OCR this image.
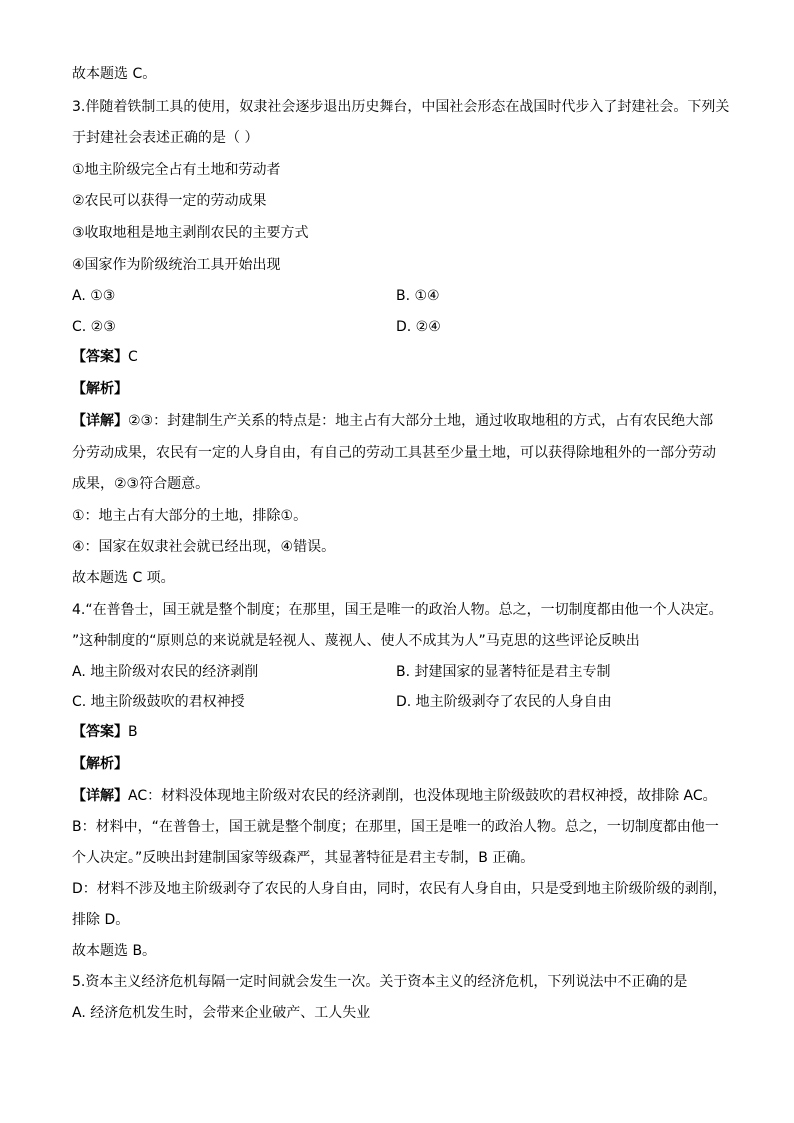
故本题选 C。
3.伴随着铁制工具的使用，奴隶社会逐步退出历史舞台，中国社会形态在战国时代步入了封建社会。下列关
于封建社会表述正确的是（ ）
①地主阶级完全占有土地和劳动者
②农民可以获得一定的劳动成果
③收取地租是地主剥削农民的主要方式
④国家作为阶级统治工具开始出现
A. ①③	B. ①④
C. ②③	D. ②④
【答案】C
【解析】
【详解】②③：封建制生产关系的特点是：地主占有大部分土地，通过收取地租的方式，占有农民绝大部
分劳动成果，农民有一定的人身自由，有自己的劳动工具甚至少量土地，可以获得除地租外的一部分劳动
成果，②③符合题意。
①：地主占有大部分的土地，排除①。
④：国家在奴隶社会就已经出现，④错误。
故本题选 C 项。
4.“在普鲁士，国王就是整个制度；在那里，国王是唯一的政治人物。总之，一切制度都由他一个人决定。
”这种制度的“原则总的来说就是轻视人、蔑视人、使人不成其为人”马克思的这些评论反映出
A. 地主阶级对农民的经济剥削	B. 封建国家的显著特征是君主专制
C. 地主阶级鼓吹的君权神授	D. 地主阶级剥夺了农民的人身自由
【答案】B
【解析】
【详解】AC：材料没体现地主阶级对农民的经济剥削，也没体现地主阶级鼓吹的君权神授，故排除 AC。
B：材料中，“在普鲁士，国王就是整个制度；在那里，国王是唯一的政治人物。总之，一切制度都由他一
个人决定。”反映出封建制国家等级森严，其显著特征是君主专制，B 正确。
D：材料不涉及地主阶级剥夺了农民的人身自由，同时，农民有人身自由，只是受到地主阶级阶级的剥削，
排除 D。
故本题选 B。
5.资本主义经济危机每隔一定时间就会发生一次。关于资本主义的经济危机，下列说法中不正确的是
A. 经济危机发生时，会带来企业破产、工人失业
